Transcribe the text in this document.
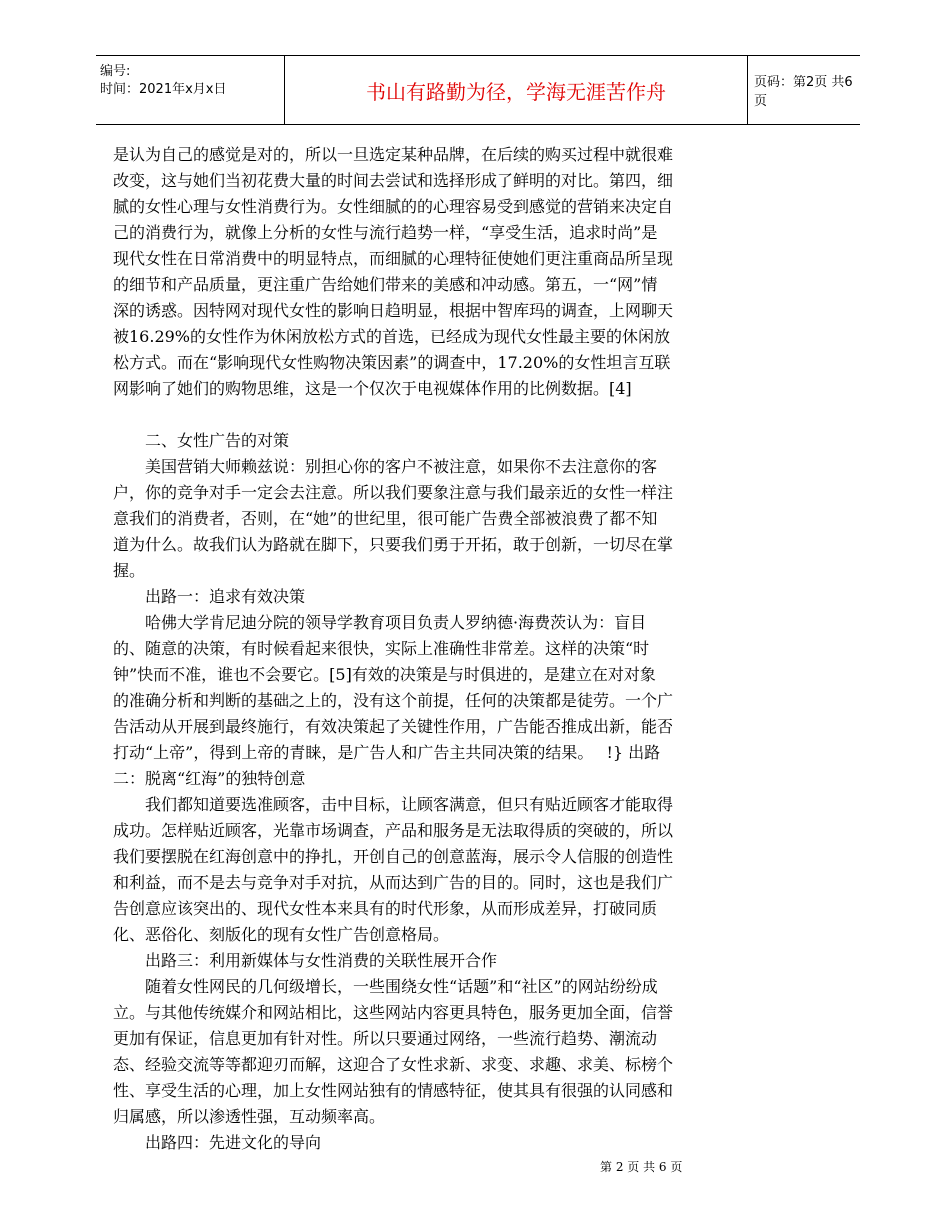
编号:
时间：2021年x月x日	书山有路勤为径，学海无涯苦作舟	页码：第2页 共6页
是认为自己的感觉是对的，所以一旦选定某种品牌，在后续的购买过程中就很难
改变，这与她们当初花费大量的时间去尝试和选择形成了鲜明的对比。第四，细
腻的女性心理与女性消费行为。女性细腻的的心理容易受到感觉的营销来决定自
己的消费行为，就像上分析的女性与流行趋势一样，“享受生活，追求时尚”是
现代女性在日常消费中的明显特点，而细腻的心理特征使她们更注重商品所呈现
的细节和产品质量，更注重广告给她们带来的美感和冲动感。第五，一“网”情
深的诱惑。因特网对现代女性的影响日趋明显，根据中智库玛的调查，上网聊天
被16.29%的女性作为休闲放松方式的首选，已经成为现代女性最主要的休闲放
松方式。而在“影响现代女性购物决策因素”的调查中，17.20%的女性坦言互联
网影响了她们的购物思维，这是一个仅次于电视媒体作用的比例数据。[4]
　　二、女性广告的对策
　　美国营销大师赖兹说：别担心你的客户不被注意，如果你不去注意你的客
户，你的竞争对手一定会去注意。所以我们要象注意与我们最亲近的女性一样注
意我们的消费者，否则，在“她”的世纪里，很可能广告费全部被浪费了都不知
道为什么。故我们认为路就在脚下，只要我们勇于开拓，敢于创新，一切尽在掌
握。
　　出路一：追求有效决策
　　哈佛大学肯尼迪分院的领导学教育项目负责人罗纳德·海费茨认为：盲目
的、随意的决策，有时候看起来很快，实际上准确性非常差。这样的决策“时
钟”快而不准，谁也不会要它。[5]有效的决策是与时俱进的，是建立在对对象
的准确分析和判断的基础之上的，没有这个前提，任何的决策都是徒劳。一个广
告活动从开展到最终施行，有效决策起了关键性作用，广告能否推成出新，能否
打动“上帝”，得到上帝的青睐，是广告人和广告主共同决策的结果。　 !} 出路
二：脱离“红海”的独特创意
　　我们都知道要选准顾客，击中目标，让顾客满意，但只有贴近顾客才能取得
成功。怎样贴近顾客，光靠市场调查，产品和服务是无法取得质的突破的，所以
我们要摆脱在红海创意中的挣扎，开创自己的创意蓝海，展示令人信服的创造性
和利益，而不是去与竞争对手对抗，从而达到广告的目的。同时，这也是我们广
告创意应该突出的、现代女性本来具有的时代形象，从而形成差异，打破同质
化、恶俗化、刻版化的现有女性广告创意格局。
　　出路三：利用新媒体与女性消费的关联性展开合作
　　随着女性网民的几何级增长，一些围绕女性“话题”和“社区”的网站纷纷成
立。与其他传统媒介和网站相比，这些网站内容更具特色，服务更加全面，信誉
更加有保证，信息更加有针对性。所以只要通过网络，一些流行趋势、潮流动
态、经验交流等等都迎刃而解，这迎合了女性求新、求变、求趣、求美、标榜个
性、享受生活的心理，加上女性网站独有的情感特征，使其具有很强的认同感和
归属感，所以渗透性强，互动频率高。
　　出路四：先进文化的导向
第 2 页 共 6 页
